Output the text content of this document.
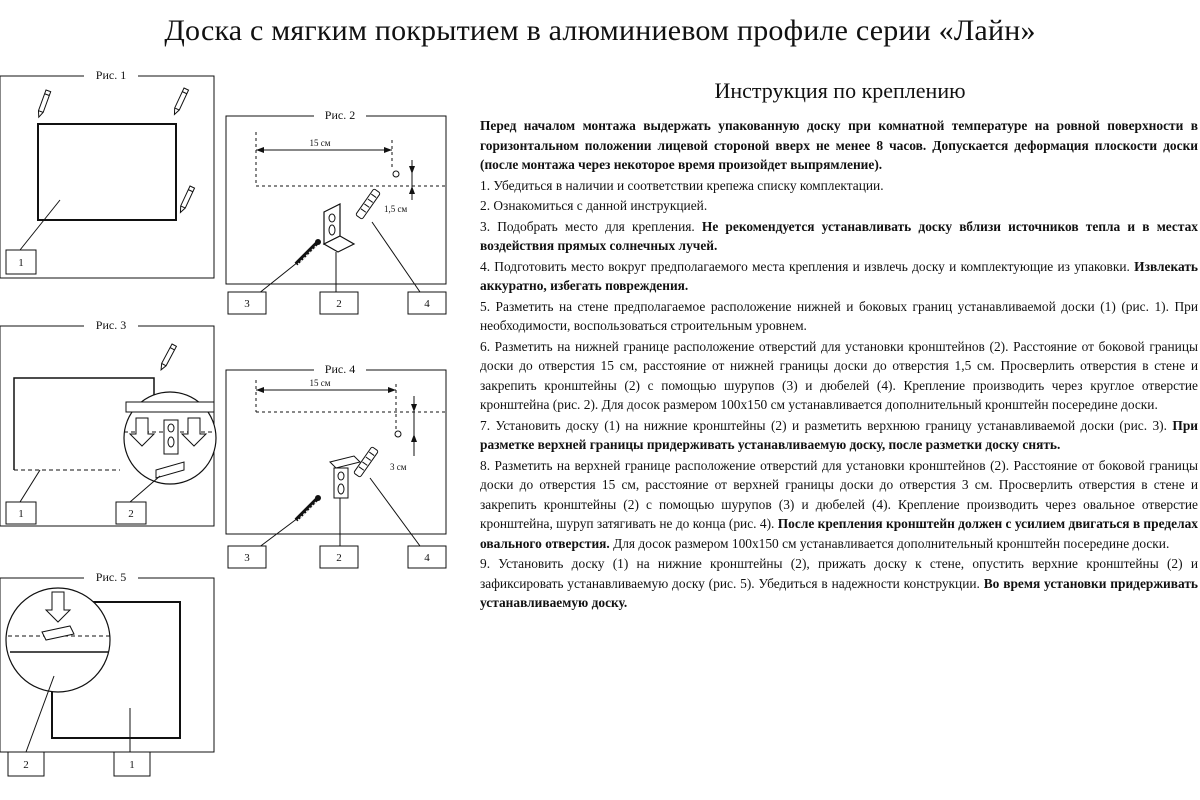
Доска с мягким покрытием в алюминиевом профиле серии «Лайн»
Рис. 1
1
Рис. 2
15 см
1,5 см
3	2	4
Рис. 3
1	2
Рис. 4
15 см
3 см
3	2	4
Рис. 5
2	1
Инструкция по креплению

Перед началом монтажа выдержать упакованную доску при комнатной температуре на ровной поверхности в горизонтальном положении лицевой стороной вверх не менее 8 часов. Допускается деформация плоскости доски (после монтажа через некоторое время произойдет выпрямление).

1. Убедиться в наличии и соответствии крепежа списку комплектации.

2. Ознакомиться с данной инструкцией.

3. Подобрать место для крепления. Не рекомендуется устанавливать доску вблизи источников тепла и в местах воздействия прямых солнечных лучей.

4. Подготовить место вокруг предполагаемого места крепления и извлечь доску и комплектующие из упаковки. Извлекать аккуратно, избегать повреждения.

5. Разметить на стене предполагаемое расположение нижней и боковых границ устанавливаемой доски (1) (рис. 1). При необходимости, воспользоваться строительным уровнем.

6. Разметить на нижней границе расположение отверстий для установки кронштейнов (2). Расстояние от боковой границы доски до отверстия 15 см, расстояние от нижней границы доски до отверстия 1,5 см. Просверлить отверстия в стене и закрепить кронштейны (2) с помощью шурупов (3) и дюбелей (4). Крепление производить через круглое отверстие кронштейна (рис. 2). Для досок размером 100х150 см устанавливается дополнительный кронштейн посередине доски.

7. Установить доску (1) на нижние кронштейны (2) и разметить верхнюю границу устанавливаемой доски (рис. 3). При разметке верхней границы придерживать устанавливаемую доску, после разметки доску снять.

8. Разметить на верхней границе расположение отверстий для установки кронштейнов (2). Расстояние от боковой границы доски до отверстия 15 см, расстояние от верхней границы доски до отверстия 3 см. Просверлить отверстия в стене и закрепить кронштейны (2) с помощью шурупов (3) и дюбелей (4). Крепление производить через овальное отверстие кронштейна, шуруп затягивать не до конца (рис. 4). После крепления кронштейн должен с усилием двигаться в пределах овального отверстия. Для досок размером 100х150 см устанавливается дополнительный кронштейн посередине доски.

9. Установить доску (1) на нижние кронштейны (2), прижать доску к стене, опустить верхние кронштейны (2) и зафиксировать устанавливаемую доску (рис. 5). Убедиться в надежности конструкции. Во время установки придерживать устанавливаемую доску.
